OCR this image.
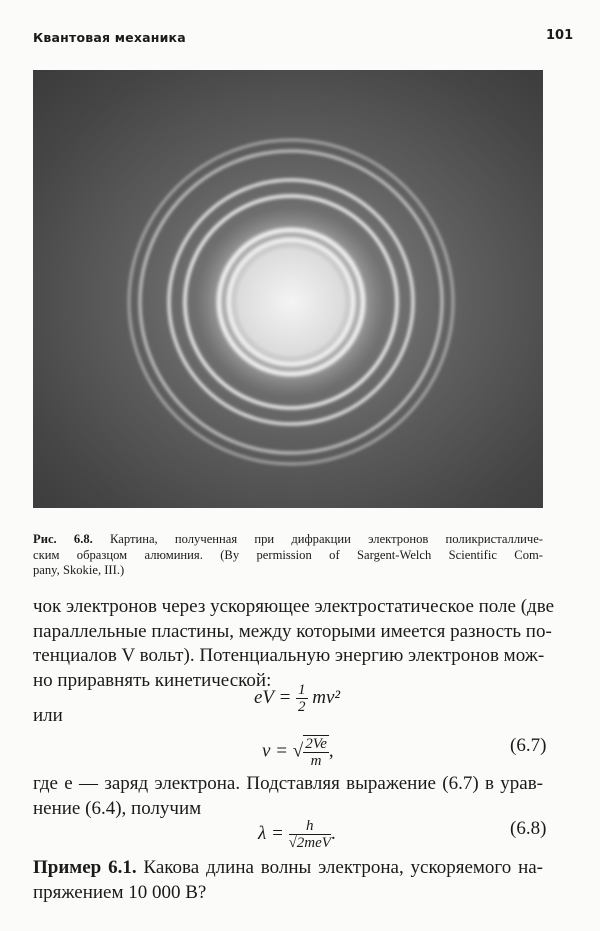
Квантовая механика	101
Рис. 6.8. Картина, полученная при дифракции электронов поликристалличе-
ским образцом алюминия. (By permission of Sargent-Welch Scientific Com-
pany, Skokie, III.)
чок электронов через ускоряющее электростатическое поле (две
параллельные пластины, между которыми имеется разность по-
тенциалов V вольт). Потенциальную энергию электронов мож-
но приравнять кинетической:
eV = $\frac{1}{2} mv^2$
или
v = √ $\frac{2Ve}{m}$ ,	(6.7)
где e — заряд электрона. Подставляя выражение (6.7) в урав-
нение (6.4), получим
$\lambda = \frac{h}{\text{√2meV}}$ .	(6.8)
Пример 6.1. Какова длина волны электрона, ускоряемого на-
пряжением 10 000 В?
